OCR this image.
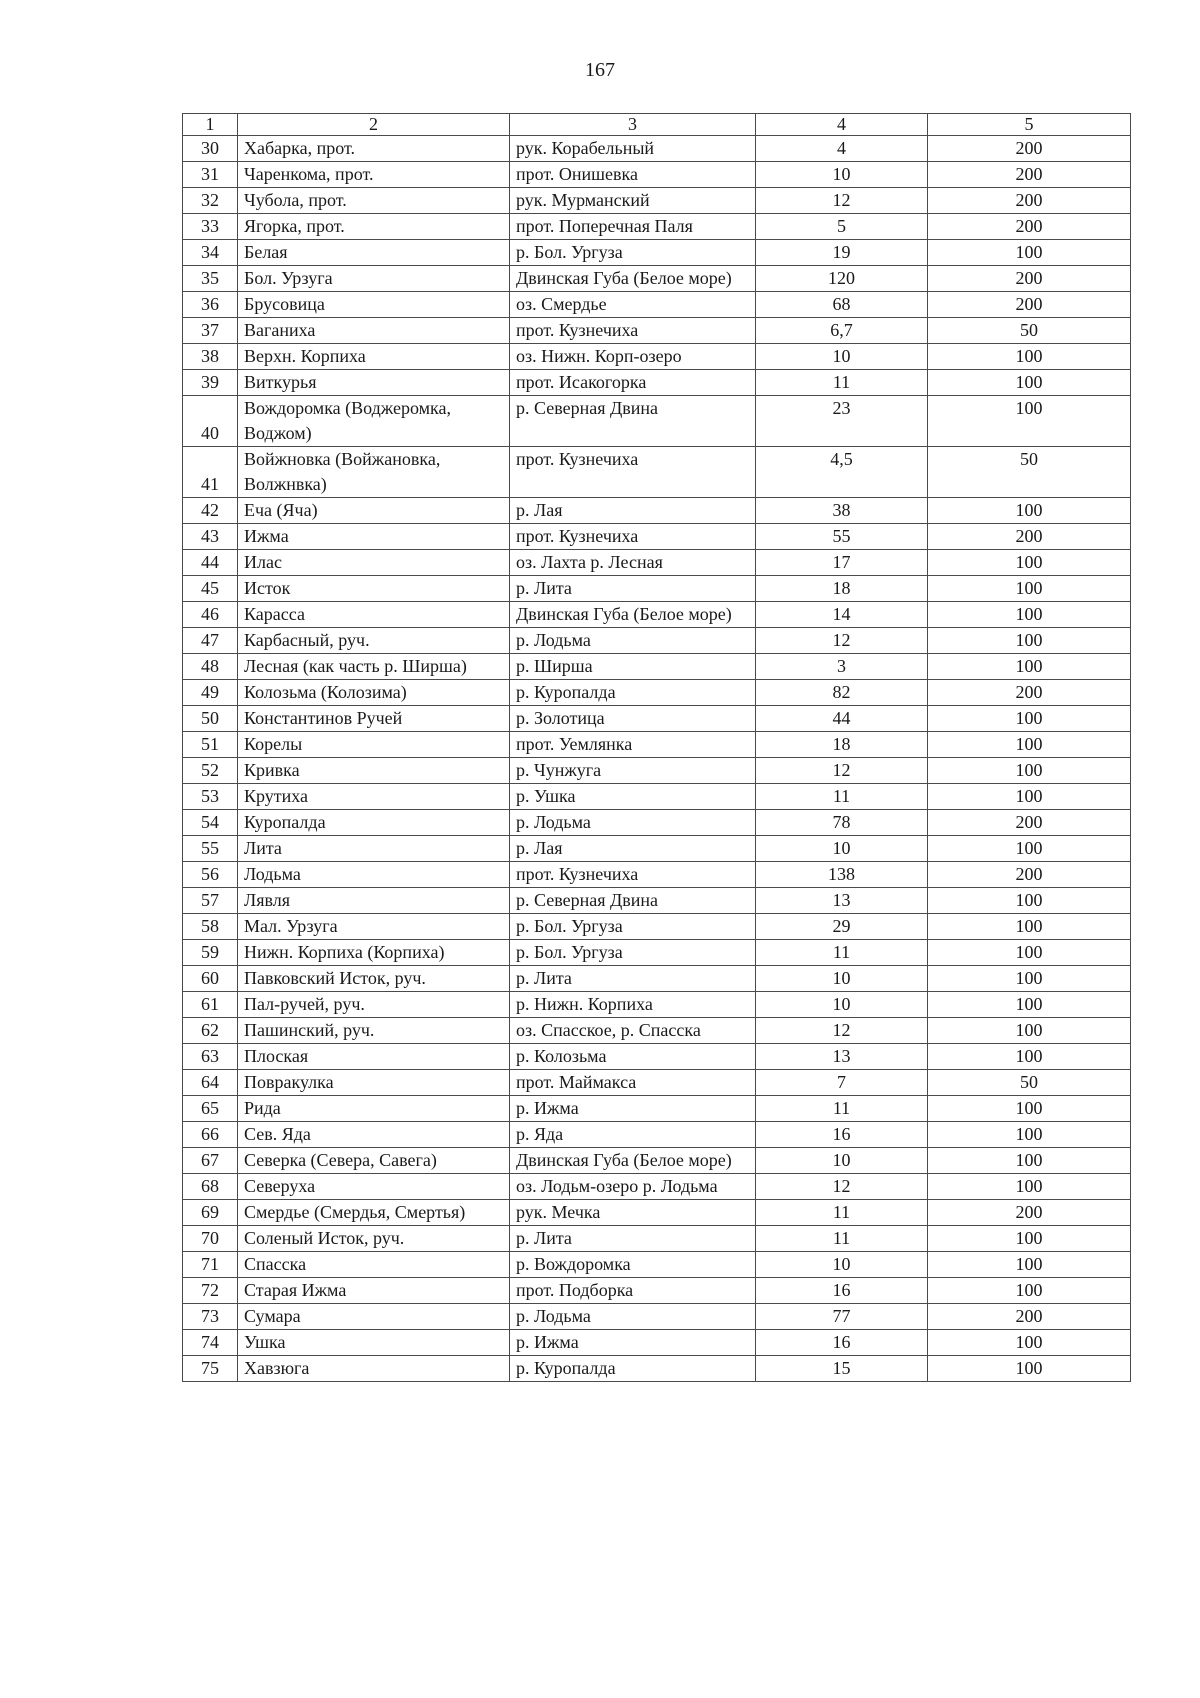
167
1	2	3	4	5
30	Хабарка, прот.	рук. Корабельный	4	200
31	Чаренкома, прот.	прот. Онишевка	10	200
32	Чубола, прот.	рук. Мурманский	12	200
33	Ягорка, прот.	прот. Поперечная Паля	5	200
34	Белая	р. Бол. Ургуза	19	100
35	Бол. Урзуга	Двинская Губа (Белое море)	120	200
36	Брусовица	оз. Смердье	68	200
37	Ваганиха	прот. Кузнечиха	6,7	50
38	Верхн. Корпиха	оз. Нижн. Корп-озеро	10	100
39	Виткурья	прот. Исакогорка	11	100
40	Вождоромка (Воджеромка, Воджом)	р. Северная Двина	23	100
41	Войжновка (Войжановка, Волжнвка)	прот. Кузнечиха	4,5	50
42	Еча (Яча)	р. Лая	38	100
43	Ижма	прот. Кузнечиха	55	200
44	Илас	оз. Лахта р. Лесная	17	100
45	Исток	р. Лита	18	100
46	Карасса	Двинская Губа (Белое море)	14	100
47	Карбасный, руч.	р. Лодьма	12	100
48	Лесная (как часть р. Ширша)	р. Ширша	3	100
49	Колозьма (Колозима)	р. Куропалда	82	200
50	Константинов Ручей	р. Золотица	44	100
51	Корелы	прот. Уемлянка	18	100
52	Кривка	р. Чунжуга	12	100
53	Крутиха	р. Ушка	11	100
54	Куропалда	р. Лодьма	78	200
55	Лита	р. Лая	10	100
56	Лодьма	прот. Кузнечиха	138	200
57	Лявля	р. Северная Двина	13	100
58	Мал. Урзуга	р. Бол. Ургуза	29	100
59	Нижн. Корпиха (Корпиха)	р. Бол. Ургуза	11	100
60	Павковский Исток, руч.	р. Лита	10	100
61	Пал-ручей, руч.	р. Нижн. Корпиха	10	100
62	Пашинский, руч.	оз. Спасское, р. Спасска	12	100
63	Плоская	р. Колозьма	13	100
64	Повракулка	прот. Маймакса	7	50
65	Рида	р. Ижма	11	100
66	Сев. Яда	р. Яда	16	100
67	Северка (Севера, Савега)	Двинская Губа (Белое море)	10	100
68	Северуха	оз. Лодьм-озеро р. Лодьма	12	100
69	Смердье (Смердья, Смертья)	рук. Мечка	11	200
70	Соленый Исток, руч.	р. Лита	11	100
71	Спасска	р. Вождоромка	10	100
72	Старая Ижма	прот. Подборка	16	100
73	Сумара	р. Лодьма	77	200
74	Ушка	р. Ижма	16	100
75	Хавзюга	р. Куропалда	15	100
